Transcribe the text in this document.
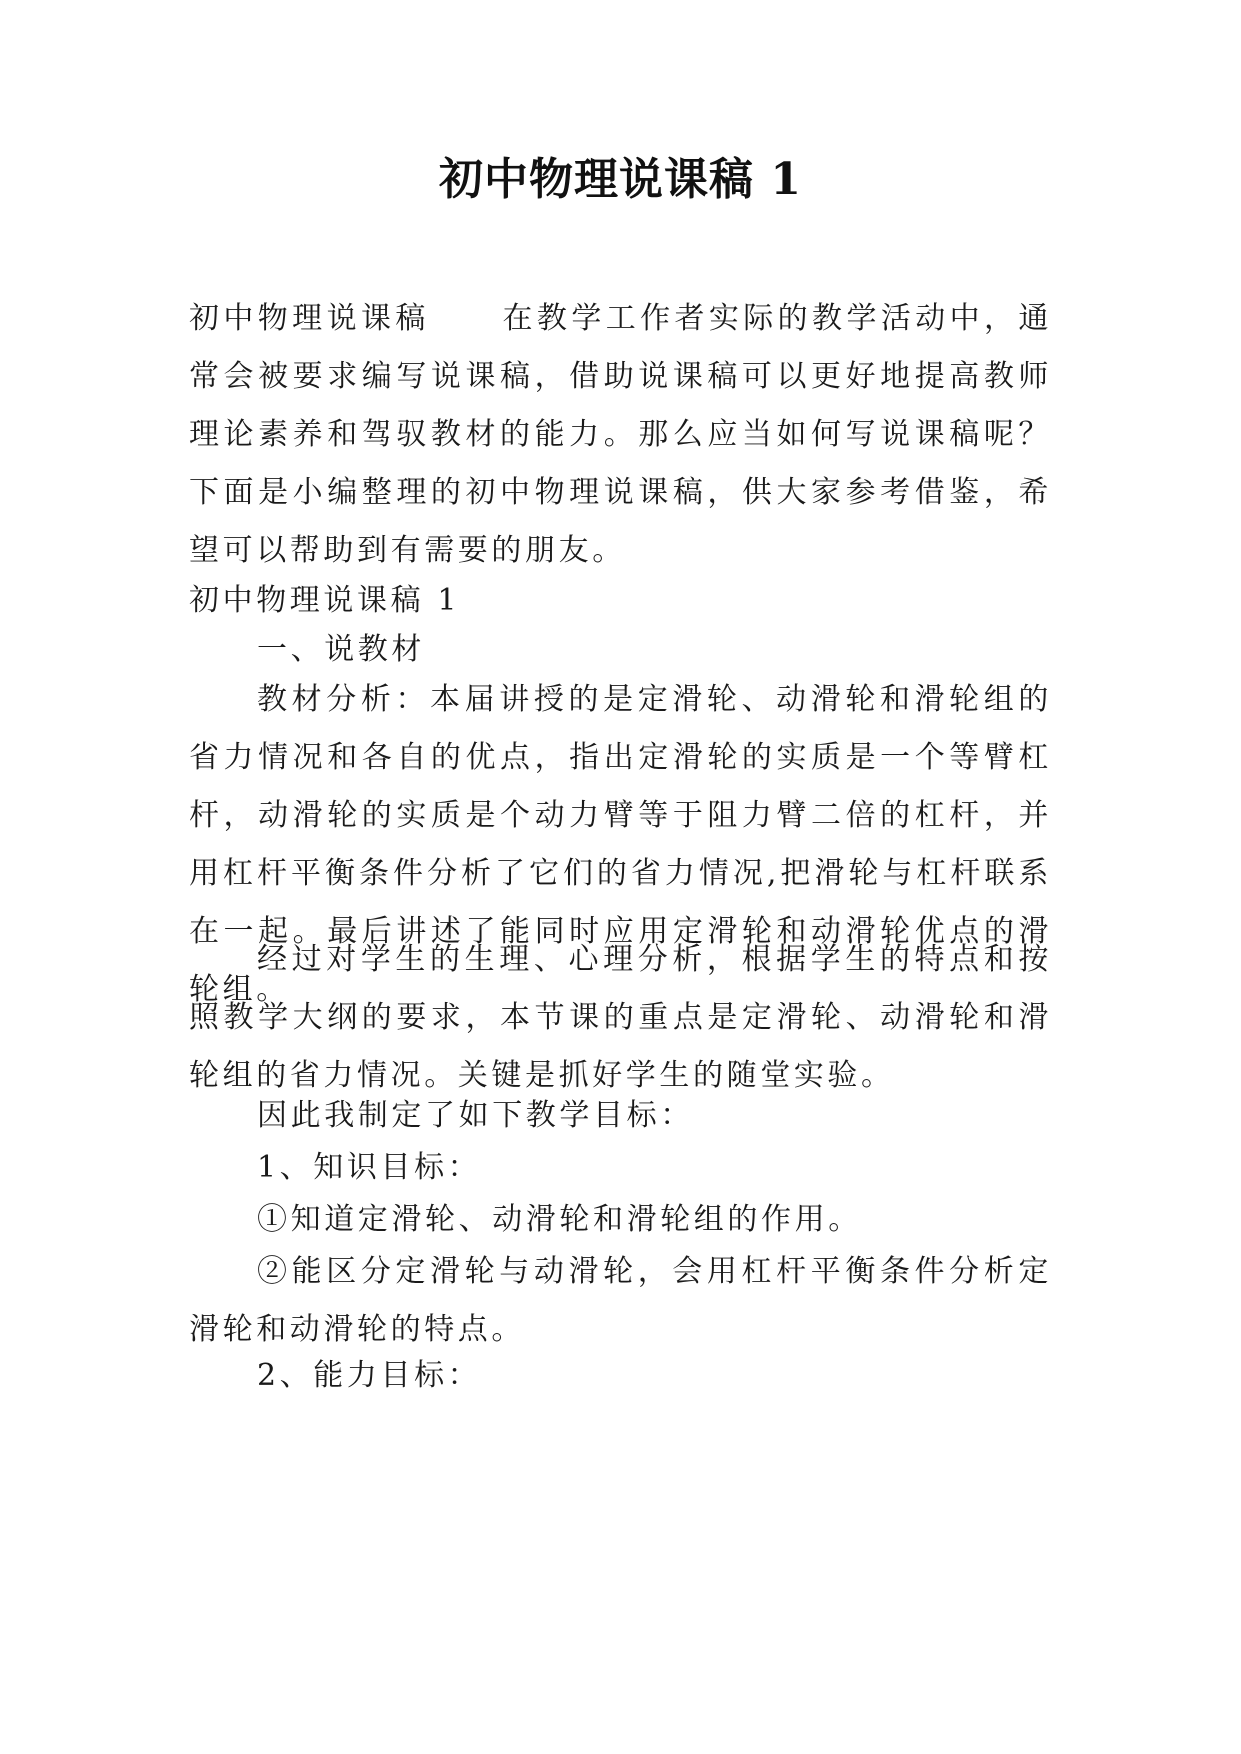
初中物理说课稿 1

初中物理说课稿 在教学工作者实际的教学活动中，通常会被要求编写说课稿，借助说课稿可以更好地提高教师理论素养和驾驭教材的能力。那么应当如何写说课稿呢？下面是小编整理的初中物理说课稿，供大家参考借鉴，希望可以帮助到有需要的朋友。

初中物理说课稿 1

一、说教材

教材分析：本届讲授的是定滑轮、动滑轮和滑轮组的省力情况和各自的优点，指出定滑轮的实质是一个等臂杠杆，动滑轮的实质是个动力臂等于阻力臂二倍的杠杆，并用杠杆平衡条件分析了它们的省力情况,把滑轮与杠杆联系在一起。最后讲述了能同时应用定滑轮和动滑轮优点的滑轮组。

经过对学生的生理、心理分析，根据学生的特点和按照教学大纲的要求，本节课的重点是定滑轮、动滑轮和滑轮组的省力情况。关键是抓好学生的随堂实验。

因此我制定了如下教学目标：

1、知识目标：

①知道定滑轮、动滑轮和滑轮组的作用。

②能区分定滑轮与动滑轮，会用杠杆平衡条件分析定滑轮和动滑轮的特点。

2、能力目标：
